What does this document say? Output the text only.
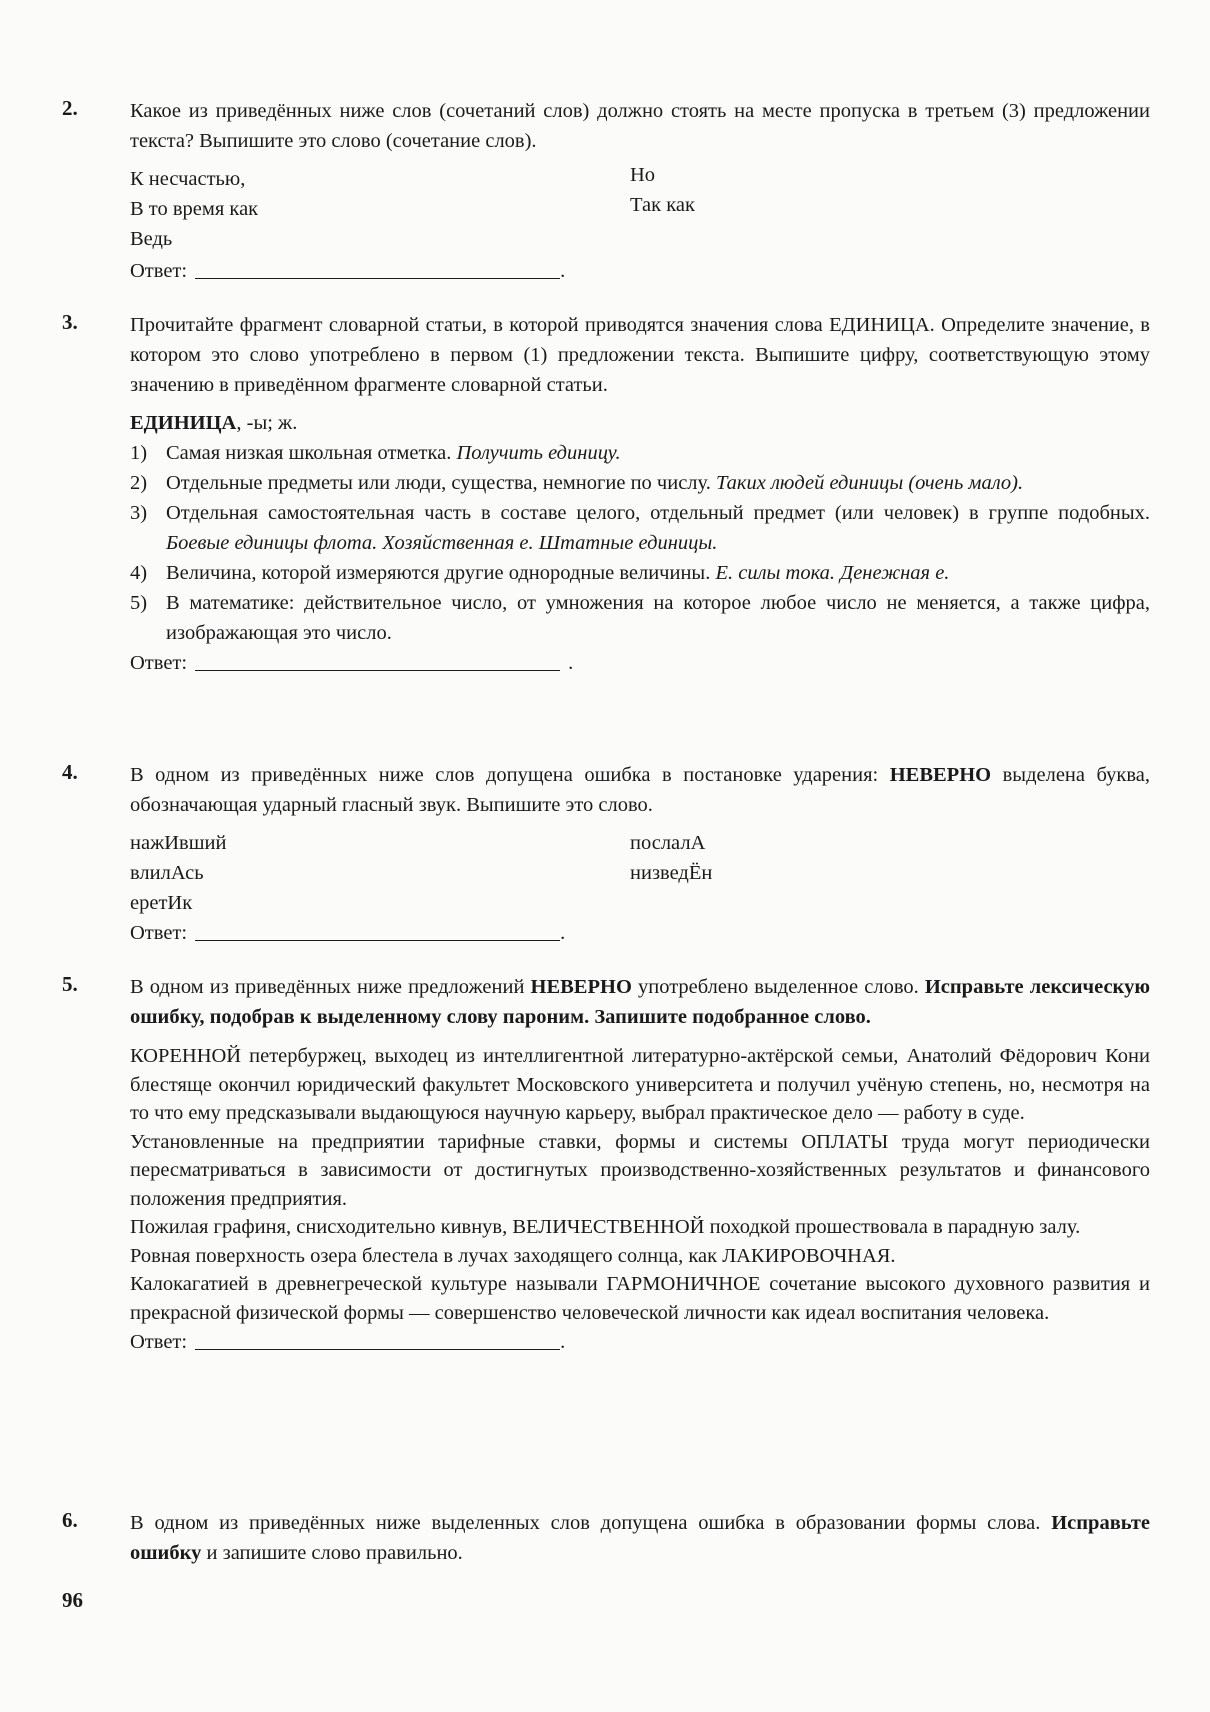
2.	Какое из приведённых ниже слов (сочетаний слов) должно стоять на месте пропуска в третьем (3) предложении текста? Выпишите это слово (сочетание слов).

К несчастью,
В то время как
Ведь
Но
Так как
Ответ:	.
3.	Прочитайте фрагмент словарной статьи, в которой приводятся значения слова ЕДИНИЦА. Определите значение, в котором это слово употреблено в первом (1) предложении текста. Выпишите цифру, соответствующую этому значению в приведённом фрагменте словарной статьи.

ЕДИНИЦА, -ы; ж.
1) Самая низкая школьная отметка. Получить единицу.
2) Отдельные предметы или люди, существа, немногие по числу. Таких людей единицы (очень мало).
3) Отдельная самостоятельная часть в составе целого, отдельный предмет (или человек) в группе подобных. Боевые единицы флота. Хозяйственная е. Штатные единицы.
4) Величина, которой измеряются другие однородные величины. Е. силы тока. Денежная е.
5) В математике: действительное число, от умножения на которое любое число не меняется, а также цифра, изображающая это число.
Ответ:	.
4.	В одном из приведённых ниже слов допущена ошибка в постановке ударения: НЕВЕРНО выделена буква, обозначающая ударный гласный звук. Выпишите это слово.

нажИвший
влилАсь
еретИк
послалА
низведЁн
Ответ:	.
5.	В одном из приведённых ниже предложений НЕВЕРНО употреблено выделенное слово. Исправьте лексическую ошибку, подобрав к выделенному слову пароним. Запишите подобранное слово.

КОРЕННОЙ петербуржец, выходец из интеллигентной литературно-актёрской семьи, Анатолий Фёдорович Кони блестяще окончил юридический факультет Московского университета и получил учёную степень, но, несмотря на то что ему предсказывали выдающуюся научную карьеру, выбрал практическое дело — работу в суде.

Установленные на предприятии тарифные ставки, формы и системы ОПЛАТЫ труда могут периодически пересматриваться в зависимости от достигнутых производственно-хозяйственных результатов и финансового положения предприятия.

Пожилая графиня, снисходительно кивнув, ВЕЛИЧЕСТВЕННОЙ походкой прошествовала в парадную залу.

Ровная поверхность озера блестела в лучах заходящего солнца, как ЛАКИРОВОЧНАЯ.

Калокагатией в древнегреческой культуре называли ГАРМОНИЧНОЕ сочетание высокого духовного развития и прекрасной физической формы — совершенство человеческой личности как идеал воспитания человека.

Ответ:	.
6.	В одном из приведённых ниже выделенных слов допущена ошибка в образовании формы слова. Исправьте ошибку и запишите слово правильно.

96
